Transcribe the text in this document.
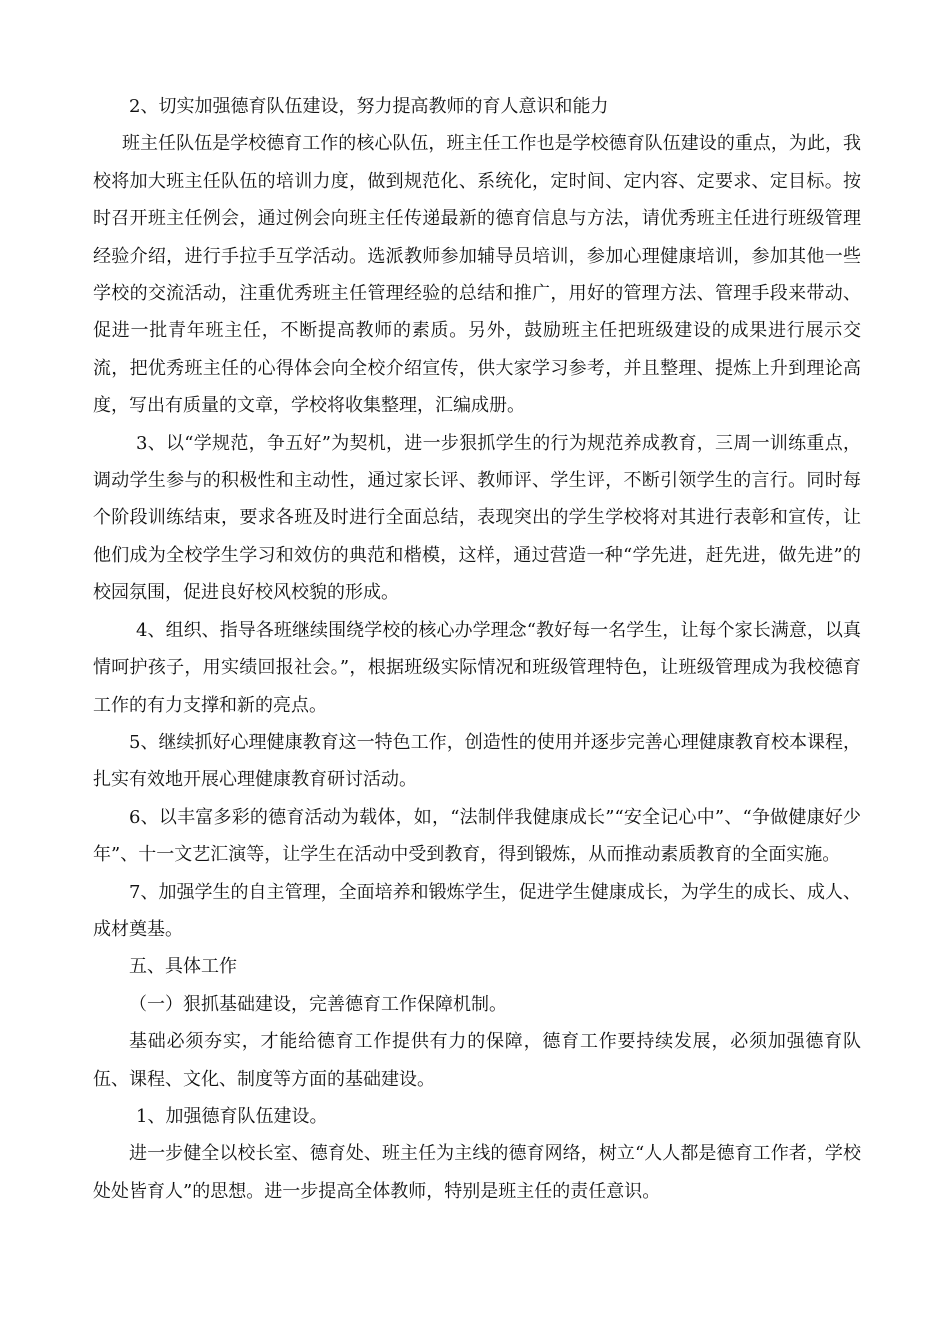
2、切实加强德育队伍建设，努力提高教师的育人意识和能力

班主任队伍是学校德育工作的核心队伍，班主任工作也是学校德育队伍建设的重点，为此，我校将加大班主任队伍的培训力度，做到规范化、系统化，定时间、定内容、定要求、定目标。按时召开班主任例会，通过例会向班主任传递最新的德育信息与方法，请优秀班主任进行班级管理经验介绍，进行手拉手互学活动。选派教师参加辅导员培训，参加心理健康培训，参加其他一些学校的交流活动，注重优秀班主任管理经验的总结和推广，用好的管理方法、管理手段来带动、促进一批青年班主任，不断提高教师的素质。另外，鼓励班主任把班级建设的成果进行展示交流，把优秀班主任的心得体会向全校介绍宣传，供大家学习参考，并且整理、提炼上升到理论高度，写出有质量的文章，学校将收集整理，汇编成册。

3、以“学规范，争五好”为契机，进一步狠抓学生的行为规范养成教育，三周一训练重点，调动学生参与的积极性和主动性，通过家长评、教师评、学生评，不断引领学生的言行。同时每个阶段训练结束，要求各班及时进行全面总结，表现突出的学生学校将对其进行表彰和宣传，让他们成为全校学生学习和效仿的典范和楷模，这样，通过营造一种“学先进，赶先进，做先进”的校园氛围，促进良好校风校貌的形成。

4、组织、指导各班继续围绕学校的核心办学理念“教好每一名学生，让每个家长满意，以真情呵护孩子，用实绩回报社会。”，根据班级实际情况和班级管理特色，让班级管理成为我校德育工作的有力支撑和新的亮点。

5、继续抓好心理健康教育这一特色工作，创造性的使用并逐步完善心理健康教育校本课程，扎实有效地开展心理健康教育研讨活动。

6、以丰富多彩的德育活动为载体，如，“法制伴我健康成长”“安全记心中”、“争做健康好少年”、十一文艺汇演等，让学生在活动中受到教育，得到锻炼，从而推动素质教育的全面实施。

7、加强学生的自主管理，全面培养和锻炼学生，促进学生健康成长，为学生的成长、成人、成材奠基。

五、具体工作

（一）狠抓基础建设，完善德育工作保障机制。

基础必须夯实，才能给德育工作提供有力的保障，德育工作要持续发展，必须加强德育队伍、课程、文化、制度等方面的基础建设。

1、加强德育队伍建设。

进一步健全以校长室、德育处、班主任为主线的德育网络，树立“人人都是德育工作者，学校处处皆育人”的思想。进一步提高全体教师，特别是班主任的责任意识。
